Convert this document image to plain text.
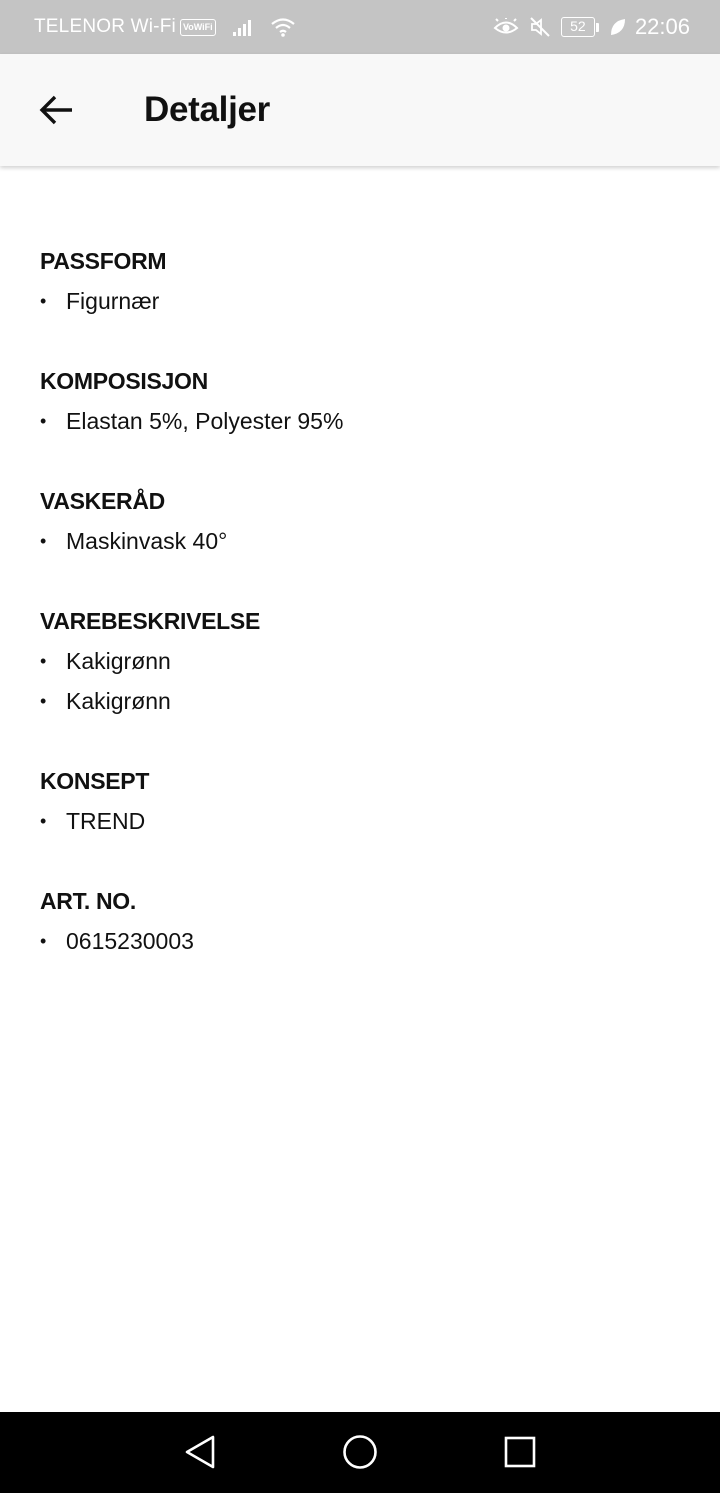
TELENOR Wi-Fi VoWiFi	52	22:06
Detaljer
PASSFORM
• Figurnær
KOMPOSISJON
• Elastan 5%, Polyester 95%
VASKERÅD
• Maskinvask 40°
VAREBESKRIVELSE
• Kakigrønn
• Kakigrønn
KONSEPT
• TREND
ART. NO.
• 0615230003
